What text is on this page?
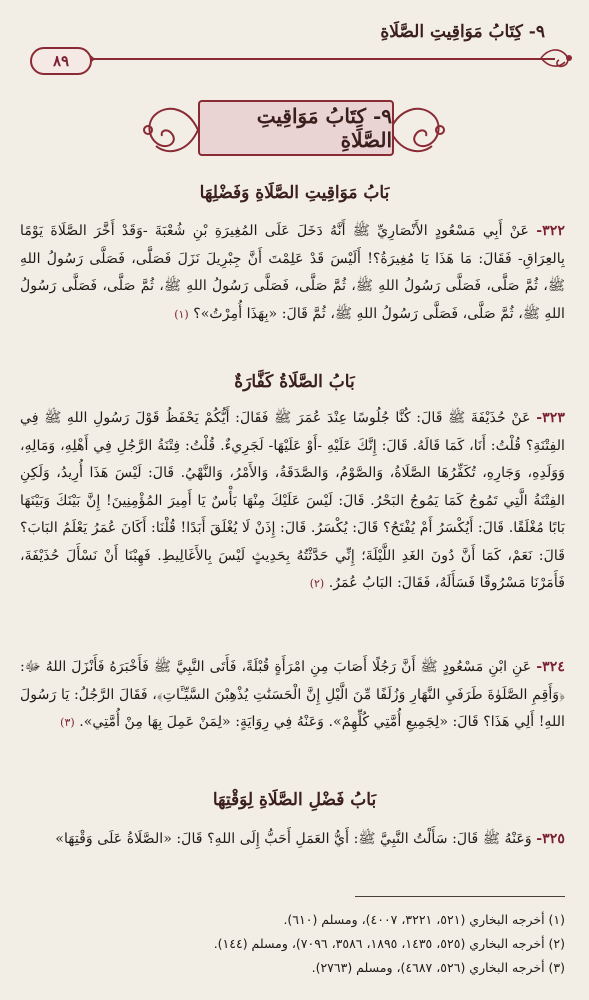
٩- كِتَابُ مَوَاقِيتِ الصَّلَاةِ
٨٩
٩- كِتَابُ مَوَاقِيتِ الصَّلَاةِ
بَابُ مَوَاقِيتِ الصَّلَاةِ وَفَضْلِهَا
٣٢٢- عَنْ أَبِي مَسْعُودٍ الأَنْصَارِيِّ ﷺ أَنَّهُ دَخَلَ عَلَى المُغِيرَةِ بْنِ شُعْبَةَ -وَقَدْ أَخَّرَ الصَّلَاةَ يَوْمًا بِالعِرَاقِ- فَقَالَ: مَا هَذَا يَا مُغِيرَةُ؟! أَلَيْسَ قَدْ عَلِمْتَ أَنَّ جِبْرِيلَ نَزَلَ فَصَلَّى، فَصَلَّى رَسُولُ اللهِ ﷺ، ثُمَّ صَلَّى، فَصَلَّى رَسُولُ اللهِ ﷺ، ثُمَّ صَلَّى، فَصَلَّى رَسُولُ اللهِ ﷺ، ثُمَّ صَلَّى، فَصَلَّى رَسُولُ اللهِ ﷺ، ثُمَّ صَلَّى، فَصَلَّى رَسُولُ اللهِ ﷺ، ثُمَّ قَالَ: «بِهَذَا أُمِرْتُ»؟ (١)
بَابُ الصَّلَاةُ كَفَّارَةٌ
٣٢٣- عَنْ حُذَيْفَةَ ﷺ قَالَ: كُنَّا جُلُوسًا عِنْدَ عُمَرَ ﷺ فَقَالَ: أَيُّكُمْ يَحْفَظُ قَوْلَ رَسُولِ اللهِ ﷺ فِي الفِتْنَةِ؟ قُلْتُ: أَنَا، كَمَا قَالَهُ. قَالَ: إِنَّكَ عَلَيْهِ -أَوْ عَلَيْهَا- لَجَرِيءٌ. قُلْتُ: فِتْنَةُ الرَّجُلِ فِي أَهْلِهِ، وَمَالِهِ، وَوَلَدِهِ، وَجَارِهِ، تُكَفِّرُهَا الصَّلَاةُ، وَالصَّوْمُ، وَالصَّدَقَةُ، وَالأَمْرُ، وَالنَّهْيُ. قَالَ: لَيْسَ هَذَا أُرِيدُ، وَلَكِنِ الفِتْنَةُ الَّتِي تَمُوجُ كَمَا يَمُوجُ البَحْرُ. قَالَ: لَيْسَ عَلَيْكَ مِنْهَا بَأْسٌ يَا أَمِيرَ المُؤْمِنِينَ! إِنَّ بَيْنَكَ وَبَيْنَهَا بَابًا مُغْلَقًا. قَالَ: أَيُكْسَرُ أَمْ يُفْتَحُ؟ قَالَ: يُكْسَرُ. قَالَ: إِذَنْ لَا يُغْلَقَ أَبَدًا! قُلْنَا: أَكَانَ عُمَرُ يَعْلَمُ البَابَ؟ قَالَ: نَعَمْ، كَمَا أَنَّ دُونَ الغَدِ اللَّيْلَةَ؛ إِنِّي حَدَّثْتُهُ بِحَدِيثٍ لَيْسَ بِالأَغَالِيطِ. فَهِبْنَا أَنْ نَسْأَلَ حُذَيْفَةَ، فَأَمَرْنَا مَسْرُوقًا فَسَأَلَهُ، فَقَالَ: البَابُ عُمَرُ. (٢)
٣٢٤- عَنِ ابْنِ مَسْعُودٍ ﷺ أَنَّ رَجُلًا أَصَابَ مِنِ امْرَأَةٍ قُبْلَةً، فَأَتَى النَّبِيَّ ﷺ فَأَخْبَرَهُ فَأَنْزَلَ اللهُ ﷻ: ﴿وَأَقِمِ الصَّلَوٰةَ طَرَفَيِ النَّهَارِ وَزُلَفًا مِّنَ الَّيْلِ إِنَّ الْحَسَنَٰتِ يُذْهِبْنَ السَّيِّـَٔاتِ﴾، فَقَالَ الرَّجُلُ: يَا رَسُولَ اللهِ! أَلِي هَذَا؟ قَالَ: «لِجَمِيعِ أُمَّتِي كُلِّهِمْ». وَعَنْهُ فِي رِوَايَةٍ: «لِمَنْ عَمِلَ بِهَا مِنْ أُمَّتِي». (٣)
بَابُ فَضْلِ الصَّلَاةِ لِوَقْتِهَا
٣٢٥- وَعَنْهُ ﷺ قَالَ: سَأَلْتُ النَّبِيَّ ﷺ: أَيُّ العَمَلِ أَحَبُّ إِلَى اللهِ؟ قَالَ: «الصَّلَاةُ عَلَى وَقْتِهَا»
(١) أخرجه البخاري (٥٢١، ٣٢٢١، ٤٠٠٧)، ومسلم (٦١٠).
(٢) أخرجه البخاري (٥٢٥، ١٤٣٥، ١٨٩٥، ٣٥٨٦، ٧٠٩٦)، ومسلم (١٤٤).
(٣) أخرجه البخاري (٥٢٦، ٤٦٨٧)، ومسلم (٢٧٦٣).
